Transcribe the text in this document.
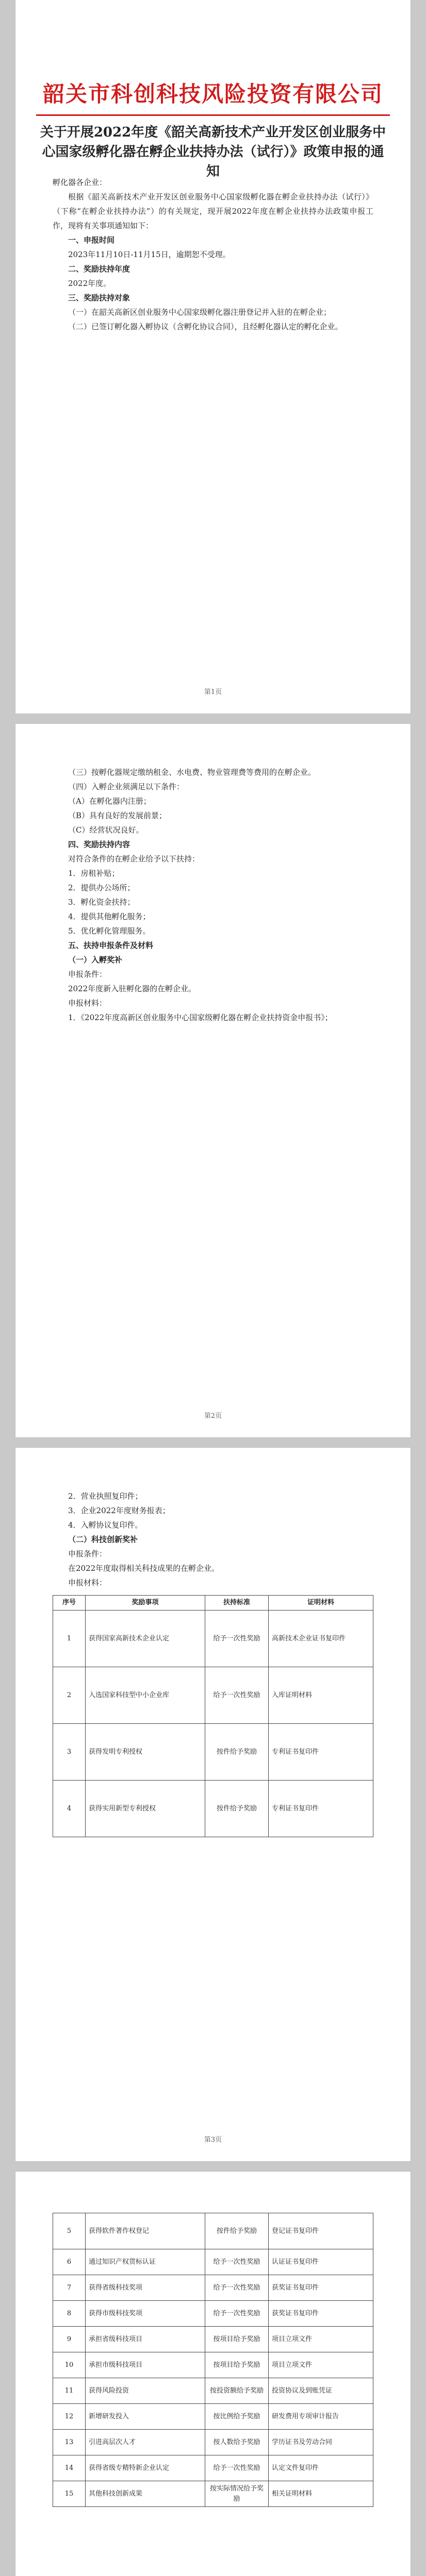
韶关市科创科技风险投资有限公司
关于开展2022年度《韶关高新技术产业开发区创业服务中心国家级孵化器在孵企业扶持办法（试行）》政策申报的通知

孵化器各企业：

根据《韶关高新技术产业开发区创业服务中心国家级孵化器在孵企业扶持办法（试行）》（下称“在孵企业扶持办法”）的有关规定，现开展2022年度在孵企业扶持办法政策申报工作，现将有关事项通知如下：

一、申报时间

2023年11月10日-11月15日，逾期恕不受理。

二、奖励扶持年度

2022年度。

三、奖励扶持对象

（一）在韶关高新区创业服务中心国家级孵化器注册登记并入驻的在孵企业；

（二）已签订孵化器入孵协议（含孵化协议合同），且经孵化器认定的孵化企业。

第1页

（三）按孵化器规定缴纳租金、水电费、物业管理费等费用的在孵企业。

（四）入孵企业须满足以下条件：

（A）在孵化器内注册；

（B）具有良好的发展前景；

（C）经营状况良好。

四、奖励扶持内容

对符合条件的在孵企业给予以下扶持：

1．房租补贴；

2．提供办公场所；

3．孵化资金扶持；

4．提供其他孵化服务；

5．优化孵化管理服务。

五、扶持申报条件及材料

（一）入孵奖补

申报条件：

2022年度新入驻孵化器的在孵企业。

申报材料：

1．《2022年度高新区创业服务中心国家级孵化器在孵企业扶持资金申报书》；

第2页

2．营业执照复印件；

3．企业2022年度财务报表；

4．入孵协议复印件。

（二）科技创新奖补

申报条件：

在2022年度取得相关科技成果的在孵企业。

申报材料：

序号	奖励事项	扶持标准	证明材料
1	获得国家高新技术企业认定	给予一次性奖励	高新技术企业证书复印件
2	入选国家科技型中小企业库	给予一次性奖励	入库证明材料
3	获得发明专利授权	按件给予奖励	专利证书复印件
4	获得实用新型专利授权	按件给予奖励	专利证书复印件
第3页
5	获得软件著作权登记	按件给予奖励	登记证书复印件
6	通过知识产权贯标认证	给予一次性奖励	认证证书复印件
7	获得省级科技奖项	给予一次性奖励	获奖证书复印件
8	获得市级科技奖项	给予一次性奖励	获奖证书复印件
9	承担省级科技项目	按项目给予奖励	项目立项文件
10	承担市级科技项目	按项目给予奖励	项目立项文件
11	获得风险投资	按投资额给予奖励	投资协议及到账凭证
12	新增研发投入	按比例给予奖励	研发费用专项审计报告
13	引进高层次人才	按人数给予奖励	学历证书及劳动合同
14	获得省级专精特新企业认定	给予一次性奖励	认定文件复印件
15	其他科技创新成果	按实际情况给予奖励	相关证明材料
